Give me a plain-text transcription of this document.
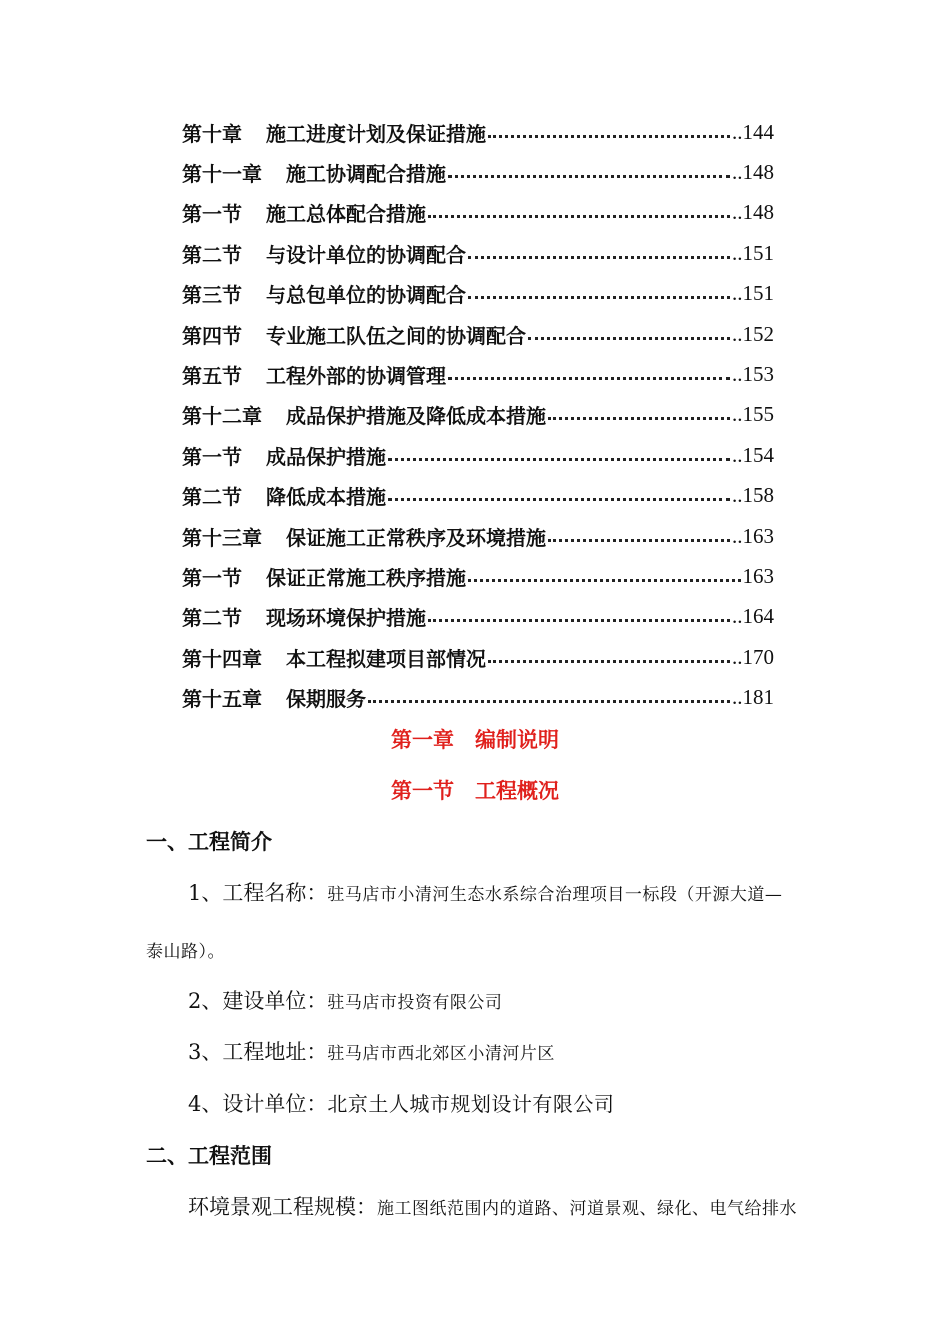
第十章 施工进度计划及保证措施	..144
第十一章 施工协调配合措施	..148
第一节 施工总体配合措施	..148
第二节 与设计单位的协调配合	..151
第三节 与总包单位的协调配合	..151
第四节 专业施工队伍之间的协调配合	..152
第五节 工程外部的协调管理	..153
第十二章 成品保护措施及降低成本措施	..155
第一节 成品保护措施	..154
第二节 降低成本措施	..158
第十三章 保证施工正常秩序及环境措施	..163
第一节 保证正常施工秩序措施	163
第二节 现场环境保护措施	..164
第十四章 本工程拟建项目部情况	..170
第十五章 保期服务	..181
第一章　编制说明
第一节　工程概况
一、工程简介
1、工程名称：驻马店市小清河生态水系综合治理项目一标段（开源大道—
泰山路）。
2、建设单位：驻马店市投资有限公司
3、工程地址：驻马店市西北郊区小清河片区
4、设计单位：北京土人城市规划设计有限公司
二、工程范围
环境景观工程规模：施工图纸范围内的道路、河道景观、绿化、电气给排水
